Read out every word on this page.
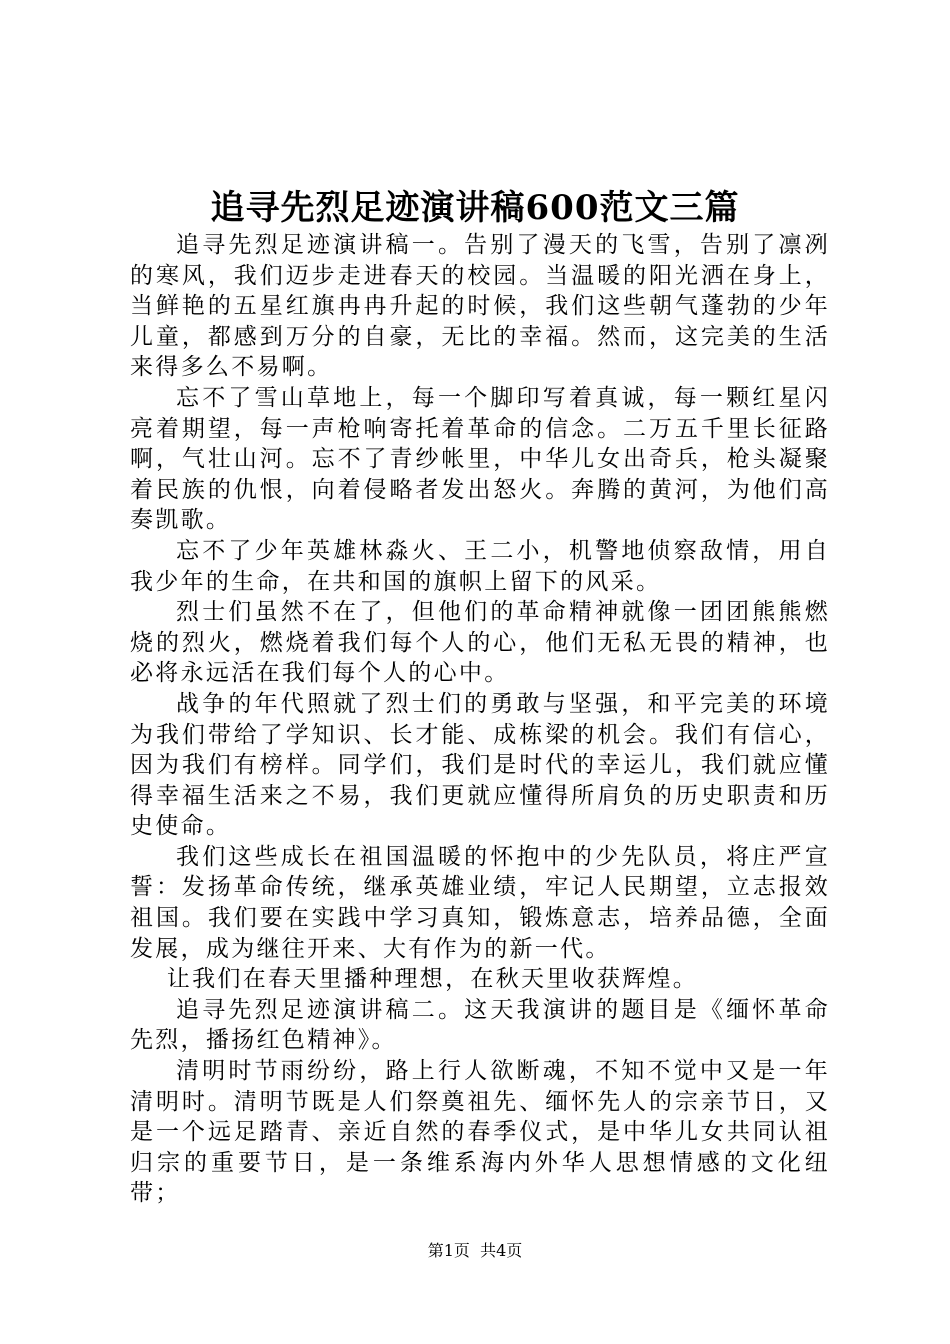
追寻先烈足迹演讲稿600范文三篇

追寻先烈足迹演讲稿一。告别了漫天的飞雪，告别了凛冽的寒风，我们迈步走进春天的校园。当温暖的阳光洒在身上，当鲜艳的五星红旗冉冉升起的时候，我们这些朝气蓬勃的少年儿童，都感到万分的自豪，无比的幸福。然而，这完美的生活来得多么不易啊。

忘不了雪山草地上，每一个脚印写着真诚，每一颗红星闪亮着期望，每一声枪响寄托着革命的信念。二万五千里长征路啊，气壮山河。忘不了青纱帐里，中华儿女出奇兵，枪头凝聚着民族的仇恨，向着侵略者发出怒火。奔腾的黄河，为他们高奏凯歌。

忘不了少年英雄林淼火、王二小，机警地侦察敌情，用自我少年的生命，在共和国的旗帜上留下的风采。

烈士们虽然不在了，但他们的革命精神就像一团团熊熊燃烧的烈火，燃烧着我们每个人的心，他们无私无畏的精神，也必将永远活在我们每个人的心中。

战争的年代照就了烈士们的勇敢与坚强，和平完美的环境为我们带给了学知识、长才能、成栋梁的机会。我们有信心，因为我们有榜样。同学们，我们是时代的幸运儿，我们就应懂得幸福生活来之不易，我们更就应懂得所肩负的历史职责和历史使命。

我们这些成长在祖国温暖的怀抱中的少先队员，将庄严宣誓：发扬革命传统，继承英雄业绩，牢记人民期望，立志报效祖国。我们要在实践中学习真知，锻炼意志，培养品德，全面发展，成为继往开来、大有作为的新一代。

让我们在春天里播种理想，在秋天里收获辉煌。

追寻先烈足迹演讲稿二。这天我演讲的题目是《缅怀革命先烈，播扬红色精神》。

清明时节雨纷纷，路上行人欲断魂，不知不觉中又是一年清明时。清明节既是人们祭奠祖先、缅怀先人的宗亲节日，又是一个远足踏青、亲近自然的春季仪式，是中华儿女共同认祖归宗的重要节日，是一条维系海内外华人思想情感的文化纽带；

第1页  共4页
